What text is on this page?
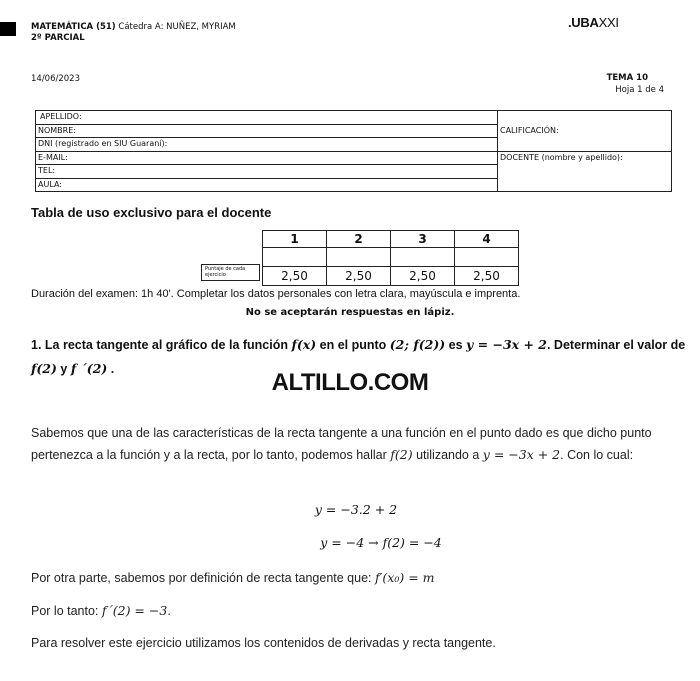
MATEMÁTICA (51) Cátedra A: NUÑEZ, MYRIAM
2º PARCIAL
.UBAXXI
14/06/2023	TEMA 10
Hoja 1 de 4
APELLIDO:	CALIFICACIÓN:
NOMBRE:	
DNI (registrado en SIU Guaraní):	
E-MAIL:	DOCENTE (nombre y apellido):
TEL:	
AULA:	
Tabla de uso exclusivo para el docente
1	2	3	4

2,50	2,50	2,50	2,50
Puntaje de cada ejercicio
Duración del examen: 1h 40'. Completar los datos personales con letra clara, mayúscula e imprenta.
No se aceptarán respuestas en lápiz.
1. La recta tangente al gráfico de la función f(x) en el punto (2; f(2)) es y = −3x + 2. Determinar el valor de f(2) y f ´(2) .	ALTILLO.COM
Sabemos que una de las características de la recta tangente a una función en el punto dado es que dicho punto pertenezca a la función y a la recta, por lo tanto, podemos hallar f(2) utilizando a y = −3x + 2. Con lo cual:
y = −3.2 + 2
y = −4 → f(2) = −4
Por otra parte, sabemos por definición de recta tangente que: f′(x₀) = m
Por lo tanto: f´(2) = −3.
Para resolver este ejercicio utilizamos los contenidos de derivadas y recta tangente.
